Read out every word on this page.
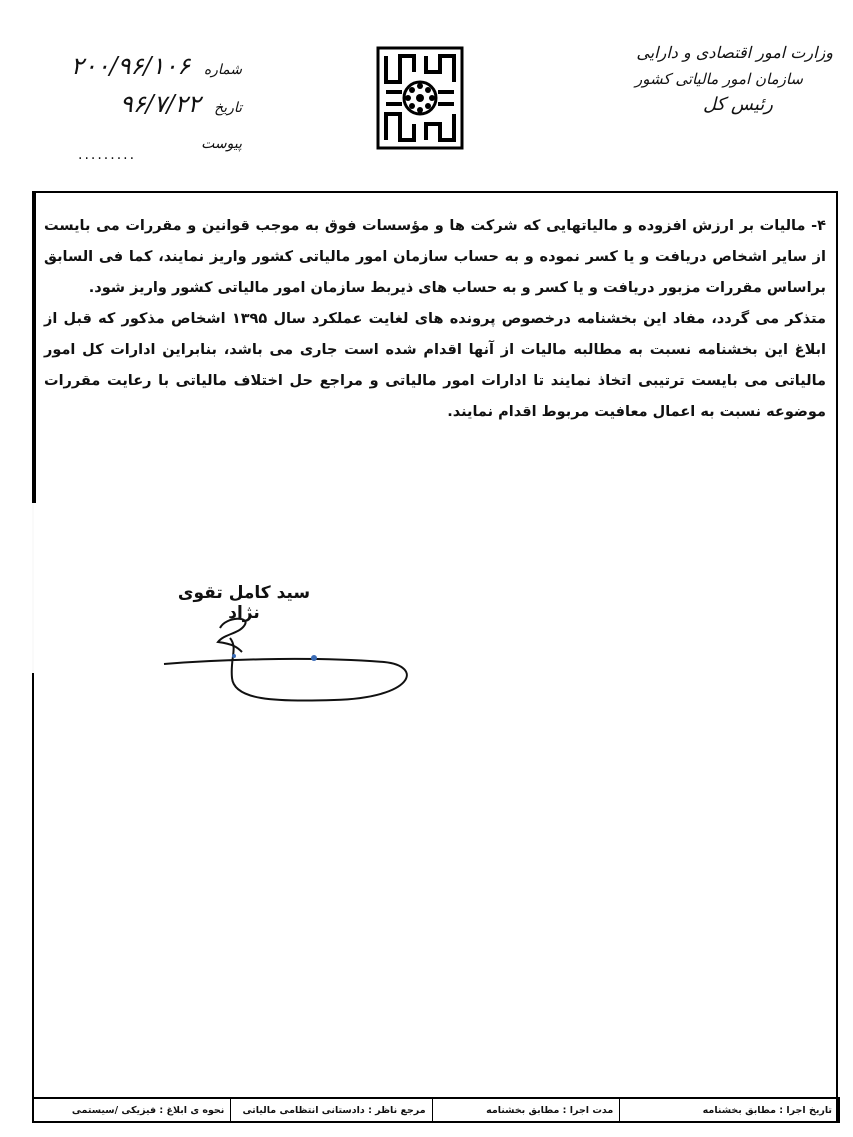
وزارت امور اقتصادی و دارایی
سازمان امور مالیاتی کشور
رئیس کل
شماره ۲۰۰/۹۶/۱۰۶
تاریخ ۹۶/۷/۲۲
پیوست
.........

۴- مالیات بر ارزش افزوده و مالیاتهایی که شرکت ها و مؤسسات فوق به موجب قوانین و مقررات می بایست از سایر اشخاص دریافت و یا کسر نموده و به حساب سازمان امور مالیاتی کشور واریز نمایند، کما فی السابق براساس مقررات مزبور دریافت و یا کسر و به حساب های ذیربط سازمان امور مالیاتی کشور واریز شود.

متذکر می گردد، مفاد این بخشنامه درخصوص پرونده های لغایت عملکرد سال ۱۳۹۵ اشخاص مذکور که قبل از ابلاغ این بخشنامه نسبت به مطالبه مالیات از آنها اقدام شده است جاری می باشد، بنابراین ادارات کل امور مالیاتی می بایست ترتیبی اتخاذ نمایند تا ادارات امور مالیاتی و مراجع حل اختلاف مالیاتی با رعایت مقررات موضوعه نسبت به اعمال معافیت مربوط اقدام نمایند.

سید کامل تقوی نژاد
تاریخ اجرا : مطابق بخشنامه
مدت اجرا : مطابق بخشنامه
مرجع ناظر : دادستانی انتظامی مالیاتی
نحوه ی ابلاغ : فیزیکی /سیستمی
